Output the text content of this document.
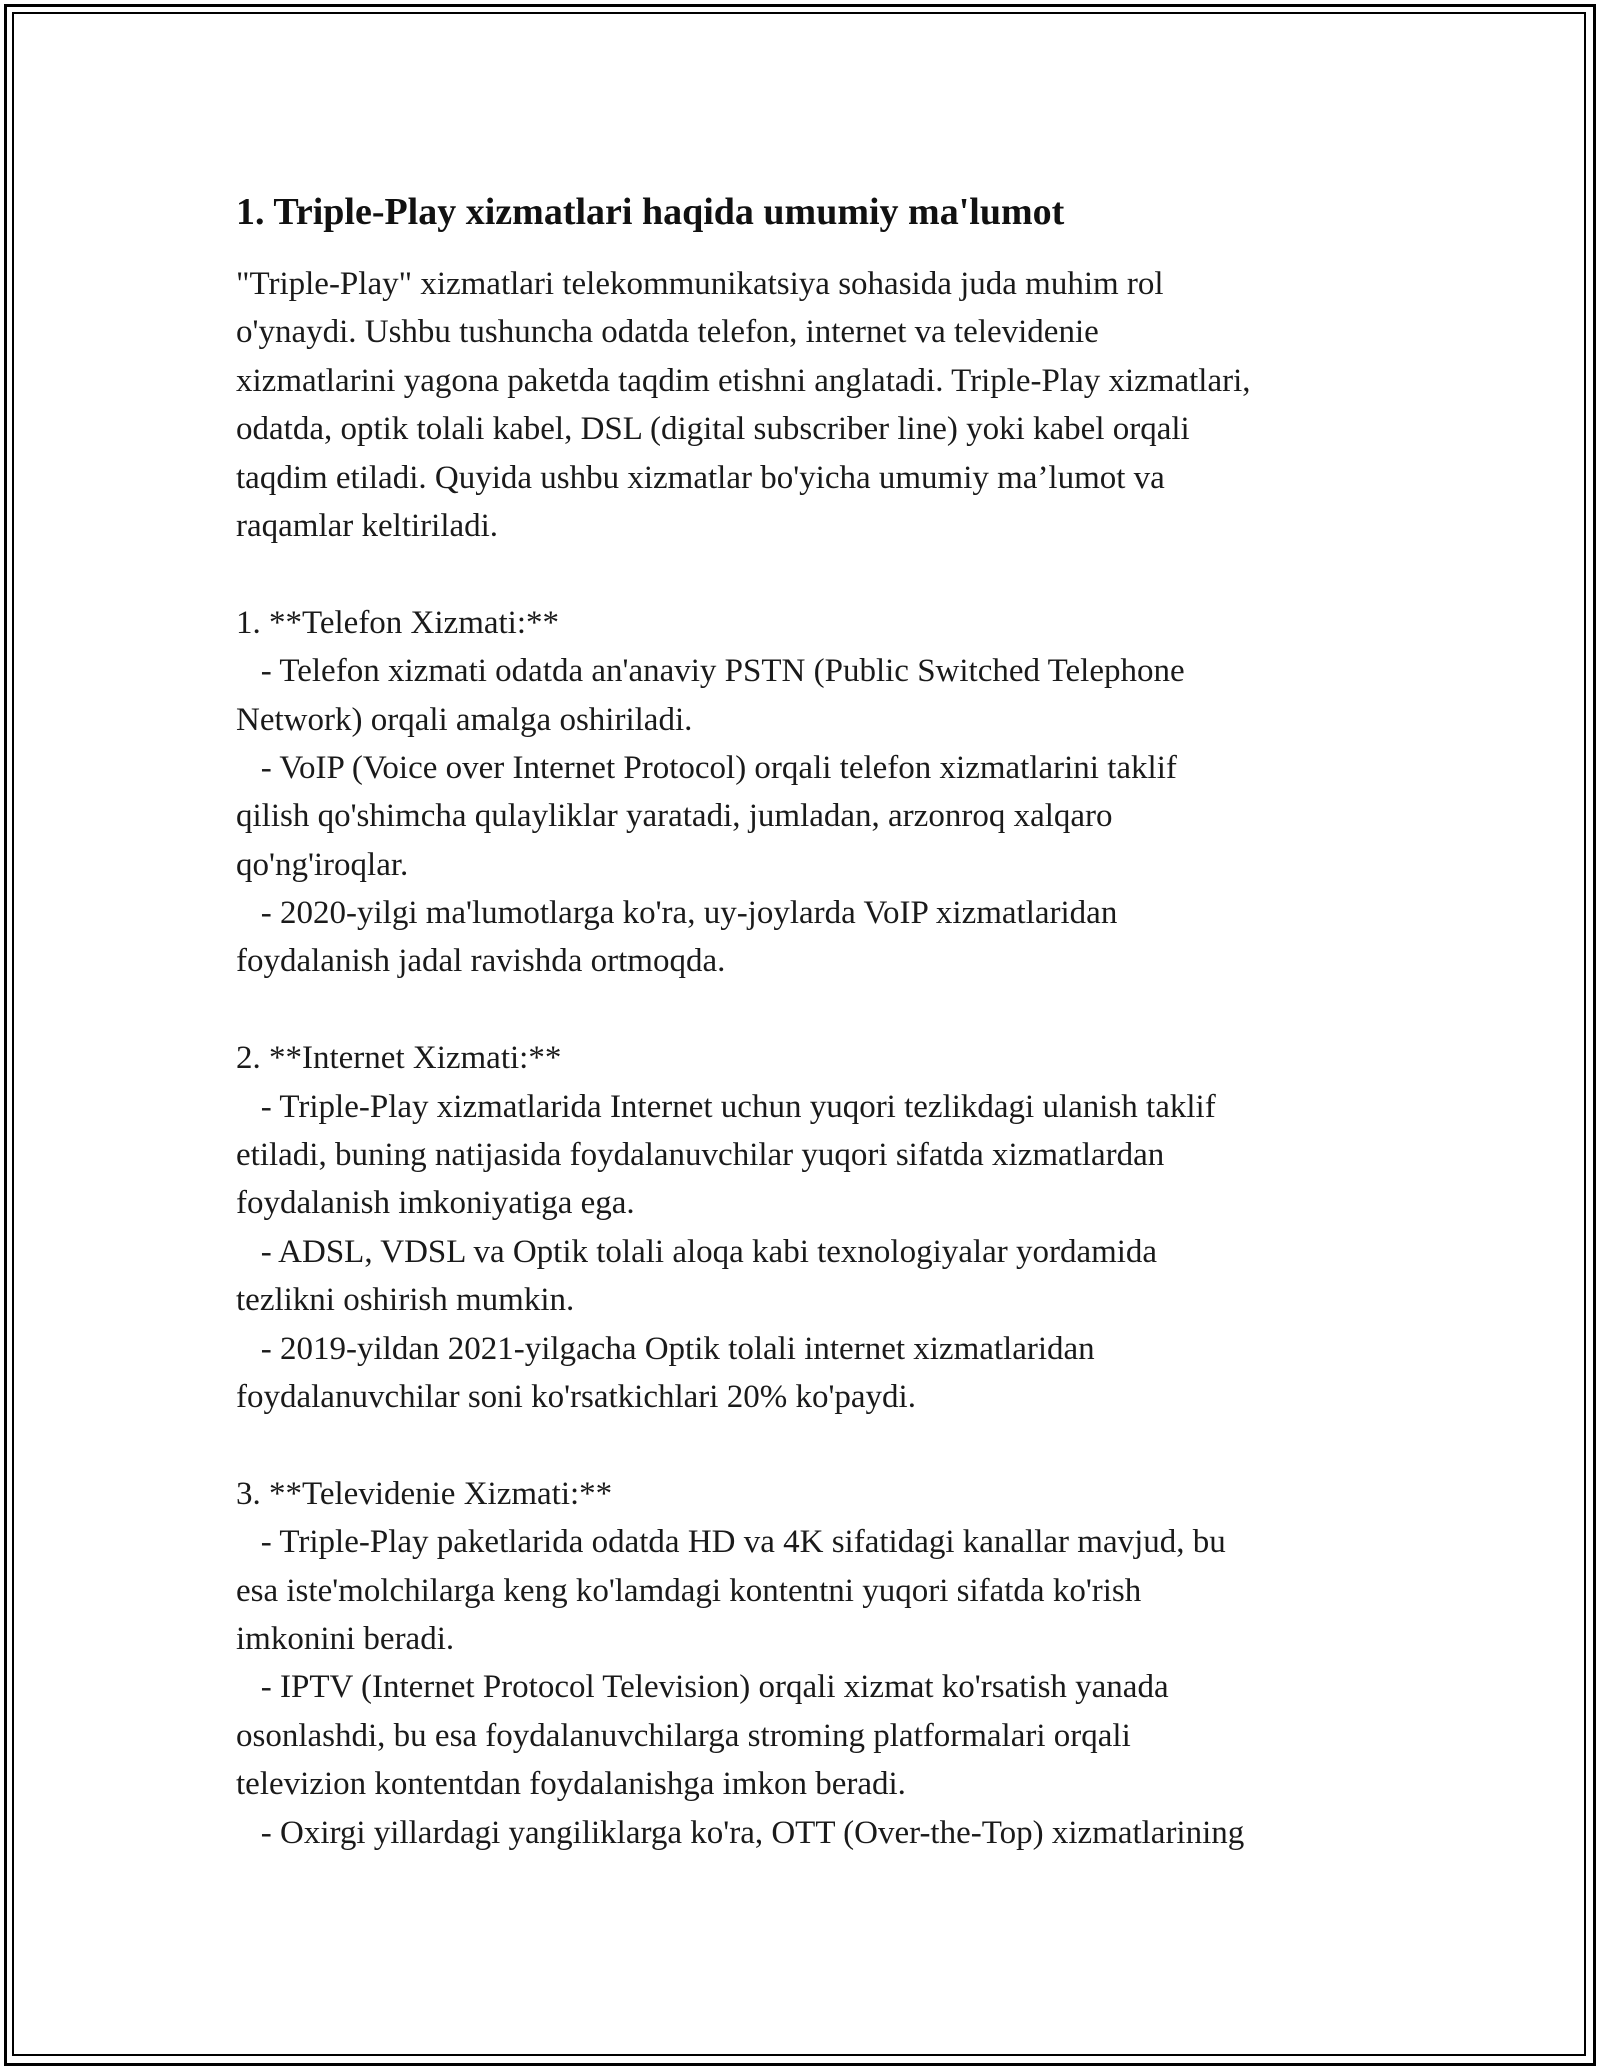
1. Triple-Play xizmatlari haqida umumiy ma'lumot
"Triple-Play" xizmatlari telekommunikatsiya sohasida juda muhim rol
o'ynaydi. Ushbu tushuncha odatda telefon, internet va televidenie
xizmatlarini yagona paketda taqdim etishni anglatadi. Triple-Play xizmatlari,
odatda, optik tolali kabel, DSL (digital subscriber line) yoki kabel orqali
taqdim etiladi. Quyida ushbu xizmatlar bo'yicha umumiy ma’lumot va
raqamlar keltiriladi.
1. **Telefon Xizmati:**
- Telefon xizmati odatda an'anaviy PSTN (Public Switched Telephone
Network) orqali amalga oshiriladi.
- VoIP (Voice over Internet Protocol) orqali telefon xizmatlarini taklif
qilish qo'shimcha qulayliklar yaratadi, jumladan, arzonroq xalqaro
qo'ng'iroqlar.
- 2020-yilgi ma'lumotlarga ko'ra, uy-joylarda VoIP xizmatlaridan
foydalanish jadal ravishda ortmoqda.
2. **Internet Xizmati:**
- Triple-Play xizmatlarida Internet uchun yuqori tezlikdagi ulanish taklif
etiladi, buning natijasida foydalanuvchilar yuqori sifatda xizmatlardan
foydalanish imkoniyatiga ega.
- ADSL, VDSL va Optik tolali aloqa kabi texnologiyalar yordamida
tezlikni oshirish mumkin.
- 2019-yildan 2021-yilgacha Optik tolali internet xizmatlaridan
foydalanuvchilar soni ko'rsatkichlari 20% ko'paydi.
3. **Televidenie Xizmati:**
- Triple-Play paketlarida odatda HD va 4K sifatidagi kanallar mavjud, bu
esa iste'molchilarga keng ko'lamdagi kontentni yuqori sifatda ko'rish
imkonini beradi.
- IPTV (Internet Protocol Television) orqali xizmat ko'rsatish yanada
osonlashdi, bu esa foydalanuvchilarga stroming platformalari orqali
televizion kontentdan foydalanishga imkon beradi.
- Oxirgi yillardagi yangiliklarga ko'ra, OTT (Over-the-Top) xizmatlarining
